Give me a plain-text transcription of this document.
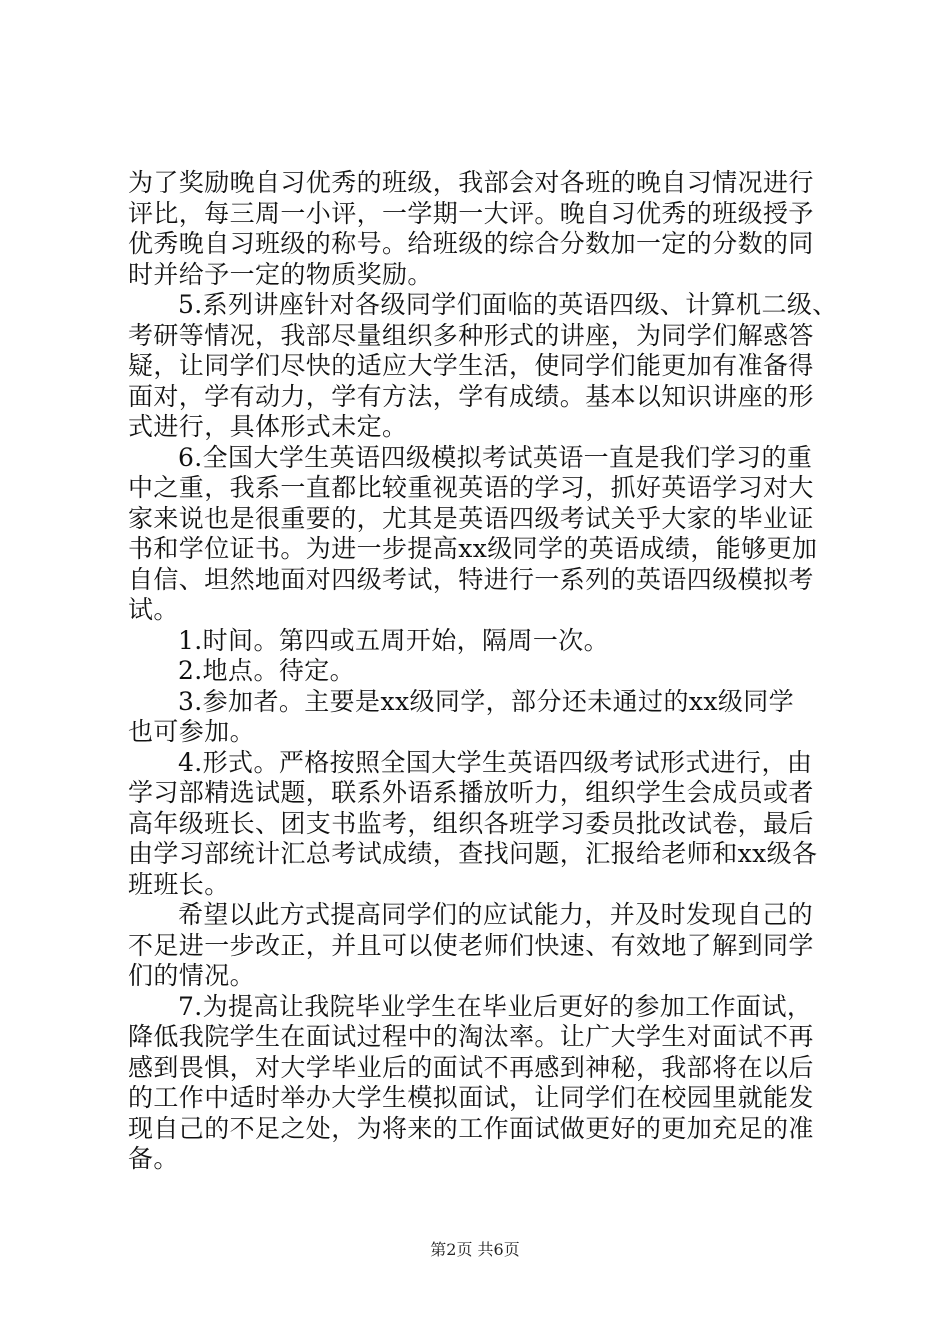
为了奖励晚自习优秀的班级，我部会对各班的晚自习情况进行
评比，每三周一小评，一学期一大评。晚自习优秀的班级授予
优秀晚自习班级的称号。给班级的综合分数加一定的分数的同
时并给予一定的物质奖励。
5.系列讲座针对各级同学们面临的英语四级、计算机二级、
考研等情况，我部尽量组织多种形式的讲座，为同学们解惑答
疑，让同学们尽快的适应大学生活，使同学们能更加有准备得
面对，学有动力，学有方法，学有成绩。基本以知识讲座的形
式进行，具体形式未定。
6.全国大学生英语四级模拟考试英语一直是我们学习的重
中之重，我系一直都比较重视英语的学习，抓好英语学习对大
家来说也是很重要的，尤其是英语四级考试关乎大家的毕业证
书和学位证书。为进一步提高xx级同学的英语成绩，能够更加
自信、坦然地面对四级考试，特进行一系列的英语四级模拟考
试。
1.时间。第四或五周开始，隔周一次。
2.地点。待定。
3.参加者。主要是xx级同学，部分还未通过的xx级同学
也可参加。
4.形式。严格按照全国大学生英语四级考试形式进行，由
学习部精选试题，联系外语系播放听力，组织学生会成员或者
高年级班长、团支书监考，组织各班学习委员批改试卷，最后
由学习部统计汇总考试成绩，查找问题，汇报给老师和xx级各
班班长。
希望以此方式提高同学们的应试能力，并及时发现自己的
不足进一步改正，并且可以使老师们快速、有效地了解到同学
们的情况。
7.为提高让我院毕业学生在毕业后更好的参加工作面试，
降低我院学生在面试过程中的淘汰率。让广大学生对面试不再
感到畏惧，对大学毕业后的面试不再感到神秘，我部将在以后
的工作中适时举办大学生模拟面试，让同学们在校园里就能发
现自己的不足之处，为将来的工作面试做更好的更加充足的准
备。
第2页 共6页
